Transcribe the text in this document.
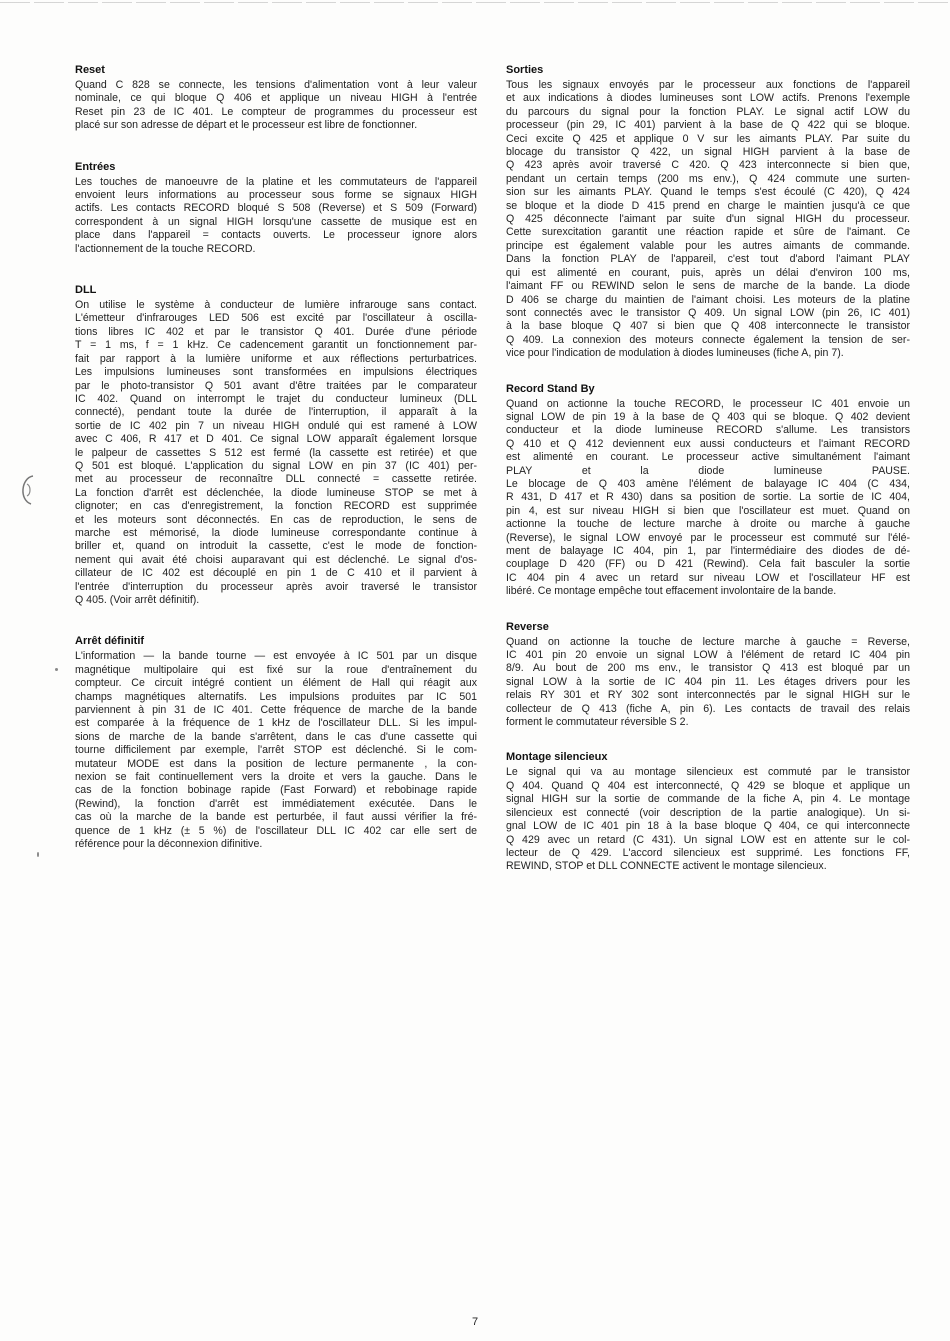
Reset

Quand C 828 se connecte, les tensions d'alimentation vont à leur valeur
nominale, ce qui bloque Q 406 et applique un niveau HIGH à l'entrée
Reset pin 23 de IC 401. Le compteur de programmes du processeur est
placé sur son adresse de départ et le processeur est libre de fonctionner.

Entrées

Les touches de manoeuvre de la platine et les commutateurs de l'appareil
envoient leurs informations au processeur sous forme se signaux HIGH
actifs. Les contacts RECORD bloqué S 508 (Reverse) et S 509 (Forward)
correspondent à un signal HIGH lorsqu'une cassette de musique est en
place dans l'appareil = contacts ouverts. Le processeur ignore alors
l'actionnement de la touche RECORD.

DLL

On utilise le système à conducteur de lumière infrarouge sans contact.
L'émetteur d'infrarouges LED 506 est excité par l'oscillateur à oscilla-
tions libres IC 402 et par le transistor Q 401. Durée d'une période
T = 1 ms, f = 1 kHz. Ce cadencement garantit un fonctionnement par-
fait par rapport à la lumière uniforme et aux réflections perturbatrices.
Les impulsions lumineuses sont transformées en impulsions électriques
par le photo-transistor Q 501 avant d'être traitées par le comparateur
IC 402. Quand on interrompt le trajet du conducteur lumineux (DLL
connecté), pendant toute la durée de l'interruption, il apparaît à la
sortie de IC 402 pin 7 un niveau HIGH ondulé qui est ramené à LOW
avec C 406, R 417 et D 401. Ce signal LOW apparaît également lorsque
le palpeur de cassettes S 512 est fermé (la cassette est retirée) et que
Q 501 est bloqué. L'application du signal LOW en pin 37 (IC 401) per-
met au processeur de reconnaître DLL connecté = cassette retirée.
La fonction d'arrêt est déclenchée, la diode lumineuse STOP se met à
clignoter; en cas d'enregistrement, la fonction RECORD est supprimée
et les moteurs sont déconnectés. En cas de reproduction, le sens de
marche est mémorisé, la diode lumineuse correspondante continue à
briller et, quand on introduit la cassette, c'est le mode de fonction-
nement qui avait été choisi auparavant qui est déclenché. Le signal d'os-
cillateur de IC 402 est découplé en pin 1 de C 410 et il parvient à
l'entrée d'interruption du processeur après avoir traversé le transistor
Q 405. (Voir arrêt définitif).

Arrêt définitif

L'information — la bande tourne — est envoyée à IC 501 par un disque
magnétique multipolaire qui est fixé sur la roue d'entraînement du
compteur. Ce circuit intégré contient un élément de Hall qui réagit aux
champs magnétiques alternatifs. Les impulsions produites par IC 501
parviennent à pin 31 de IC 401. Cette fréquence de marche de la bande
est comparée à la fréquence de 1 kHz de l'oscillateur DLL. Si les impul-
sions de marche de la bande s'arrêtent, dans le cas d'une cassette qui
tourne difficilement par exemple, l'arrêt STOP est déclenché. Si le com-
mutateur MODE est dans la position de lecture permanente , la con-
nexion se fait continuellement vers la droite et vers la gauche. Dans le
cas de la fonction bobinage rapide (Fast Forward) et rebobinage rapide
(Rewind), la fonction d'arrêt est immédiatement exécutée. Dans le
cas où la marche de la bande est perturbée, il faut aussi vérifier la fré-
quence de 1 kHz (± 5 %) de l'oscillateur DLL IC 402 car elle sert de
référence pour la déconnexion difinitive.

Sorties

Tous les signaux envoyés par le processeur aux fonctions de l'appareil
et aux indications à diodes lumineuses sont LOW actifs. Prenons l'exemple
du parcours du signal pour la fonction PLAY. Le signal actif LOW du
processeur (pin 29, IC 401) parvient à la base de Q 422 qui se bloque.
Ceci excite Q 425 et applique 0 V sur les aimants PLAY. Par suite du
blocage du transistor Q 422, un signal HIGH parvient à la base de
Q 423 après avoir traversé C 420. Q 423 interconnecte si bien que,
pendant un certain temps (200 ms env.), Q 424 commute une surten-
sion sur les aimants PLAY. Quand le temps s'est écoulé (C 420), Q 424
se bloque et la diode D 415 prend en charge le maintien jusqu'à ce que
Q 425 déconnecte l'aimant par suite d'un signal HIGH du processeur.
Cette surexcitation garantit une réaction rapide et sûre de l'aimant. Ce
principe est également valable pour les autres aimants de commande.
Dans la fonction PLAY de l'appareil, c'est tout d'abord l'aimant PLAY
qui est alimenté en courant, puis, après un délai d'environ 100 ms,
l'aimant FF ou REWIND selon le sens de marche de la bande. La diode
D 406 se charge du maintien de l'aimant choisi. Les moteurs de la platine
sont connectés avec le transistor Q 409. Un signal LOW (pin 26, IC 401)
à la base bloque Q 407 si bien que Q 408 interconnecte le transistor
Q 409. La connexion des moteurs connecte également la tension de ser-
vice pour l'indication de modulation à diodes lumineuses (fiche A, pin 7).

Record Stand By

Quand on actionne la touche RECORD, le processeur IC 401 envoie un
signal LOW de pin 19 à la base de Q 403 qui se bloque. Q 402 devient
conducteur et la diode lumineuse RECORD s'allume. Les transistors
Q 410 et Q 412 deviennent eux aussi conducteurs et l'aimant RECORD
est alimenté en courant. Le processeur active simultanément l'aimant
PLAY et la diode lumineuse PAUSE.
Le blocage de Q 403 amène l'élément de balayage IC 404 (C 434,
R 431, D 417 et R 430) dans sa position de sortie. La sortie de IC 404,
pin 4, est sur niveau HIGH si bien que l'oscillateur est muet. Quand on
actionne la touche de lecture marche à droite ou marche à gauche
(Reverse), le signal LOW envoyé par le processeur est commuté sur l'élé-
ment de balayage IC 404, pin 1, par l'intermédiaire des diodes de dé-
couplage D 420 (FF) ou D 421 (Rewind). Cela fait basculer la sortie
IC 404 pin 4 avec un retard sur niveau LOW et l'oscillateur HF est
libéré. Ce montage empêche tout effacement involontaire de la bande.

Reverse

Quand on actionne la touche de lecture marche à gauche = Reverse,
IC 401 pin 20 envoie un signal LOW à l'élément de retard IC 404 pin
8/9. Au bout de 200 ms env., le transistor Q 413 est bloqué par un
signal LOW à la sortie de IC 404 pin 11. Les étages drivers pour les
relais RY 301 et RY 302 sont interconnectés par le signal HIGH sur le
collecteur de Q 413 (fiche A, pin 6). Les contacts de travail des relais
forment le commutateur réversible S 2.

Montage silencieux

Le signal qui va au montage silencieux est commuté par le transistor
Q 404. Quand Q 404 est interconnecté, Q 429 se bloque et applique un
signal HIGH sur la sortie de commande de la fiche A, pin 4. Le montage
silencieux est connecté (voir description de la partie analogique). Un si-
gnal LOW de IC 401 pin 18 à la base bloque Q 404, ce qui interconnecte
Q 429 avec un retard (C 431). Un signal LOW est en attente sur le col-
lecteur de Q 429. L'accord silencieux est supprimé. Les fonctions FF,
REWIND, STOP et DLL CONNECTE activent le montage silencieux.

7
